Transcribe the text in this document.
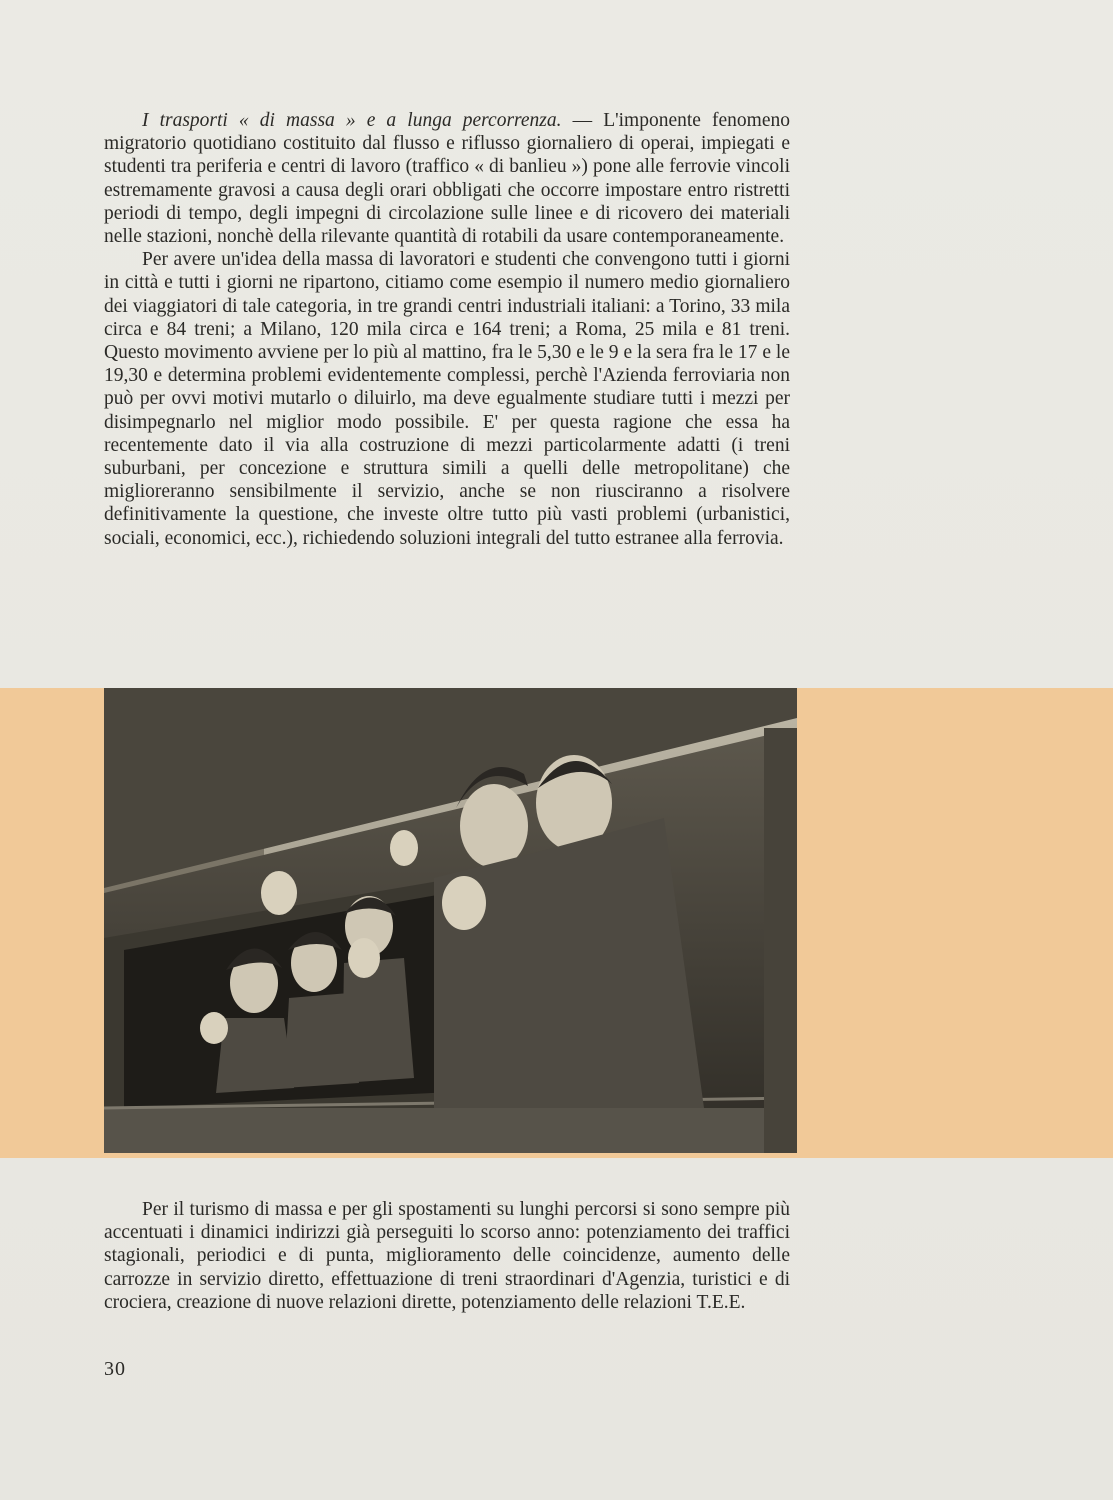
I trasporti « di massa » e a lunga percorrenza. — L'imponente fenomeno migratorio quotidiano costituito dal flusso e riflusso giornaliero di operai, impiegati e studenti tra periferia e centri di lavoro (traffico « di banlieu ») pone alle ferrovie vincoli estremamente gravosi a causa degli orari obbligati che occorre impostare entro ristretti periodi di tempo, degli impegni di circolazione sulle linee e di ricovero dei materiali nelle stazioni, nonchè della rilevante quantità di rotabili da usare contemporaneamente.

Per avere un'idea della massa di lavoratori e studenti che convengono tutti i giorni in città e tutti i giorni ne ripartono, citiamo come esempio il numero medio giornaliero dei viaggiatori di tale categoria, in tre grandi centri industriali italiani: a Torino, 33 mila circa e 84 treni; a Milano, 120 mila circa e 164 treni; a Roma, 25 mila e 81 treni. Questo movimento avviene per lo più al mattino, fra le 5,30 e le 9 e la sera fra le 17 e le 19,30 e determina problemi evidentemente complessi, perchè l'Azienda ferroviaria non può per ovvi motivi mutarlo o diluirlo, ma deve egualmente studiare tutti i mezzi per disimpegnarlo nel miglior modo possibile. E' per questa ragione che essa ha recentemente dato il via alla costruzione di mezzi particolarmente adatti (i treni suburbani, per concezione e struttura simili a quelli delle metropolitane) che miglioreranno sensibilmente il servizio, anche se non riusciranno a risolvere definitivamente la questione, che investe oltre tutto più vasti problemi (urbanistici, sociali, economici, ecc.), richiedendo soluzioni integrali del tutto estranee alla ferrovia.

Per il turismo di massa e per gli spostamenti su lunghi percorsi si sono sempre più accentuati i dinamici indirizzi già perseguiti lo scorso anno: potenziamento dei traffici stagionali, periodici e di punta, miglioramento delle coincidenze, aumento delle carrozze in servizio diretto, effettuazione di treni straordinari d'Agenzia, turistici e di crociera, creazione di nuove relazioni dirette, potenziamento delle relazioni T.E.E.

30
